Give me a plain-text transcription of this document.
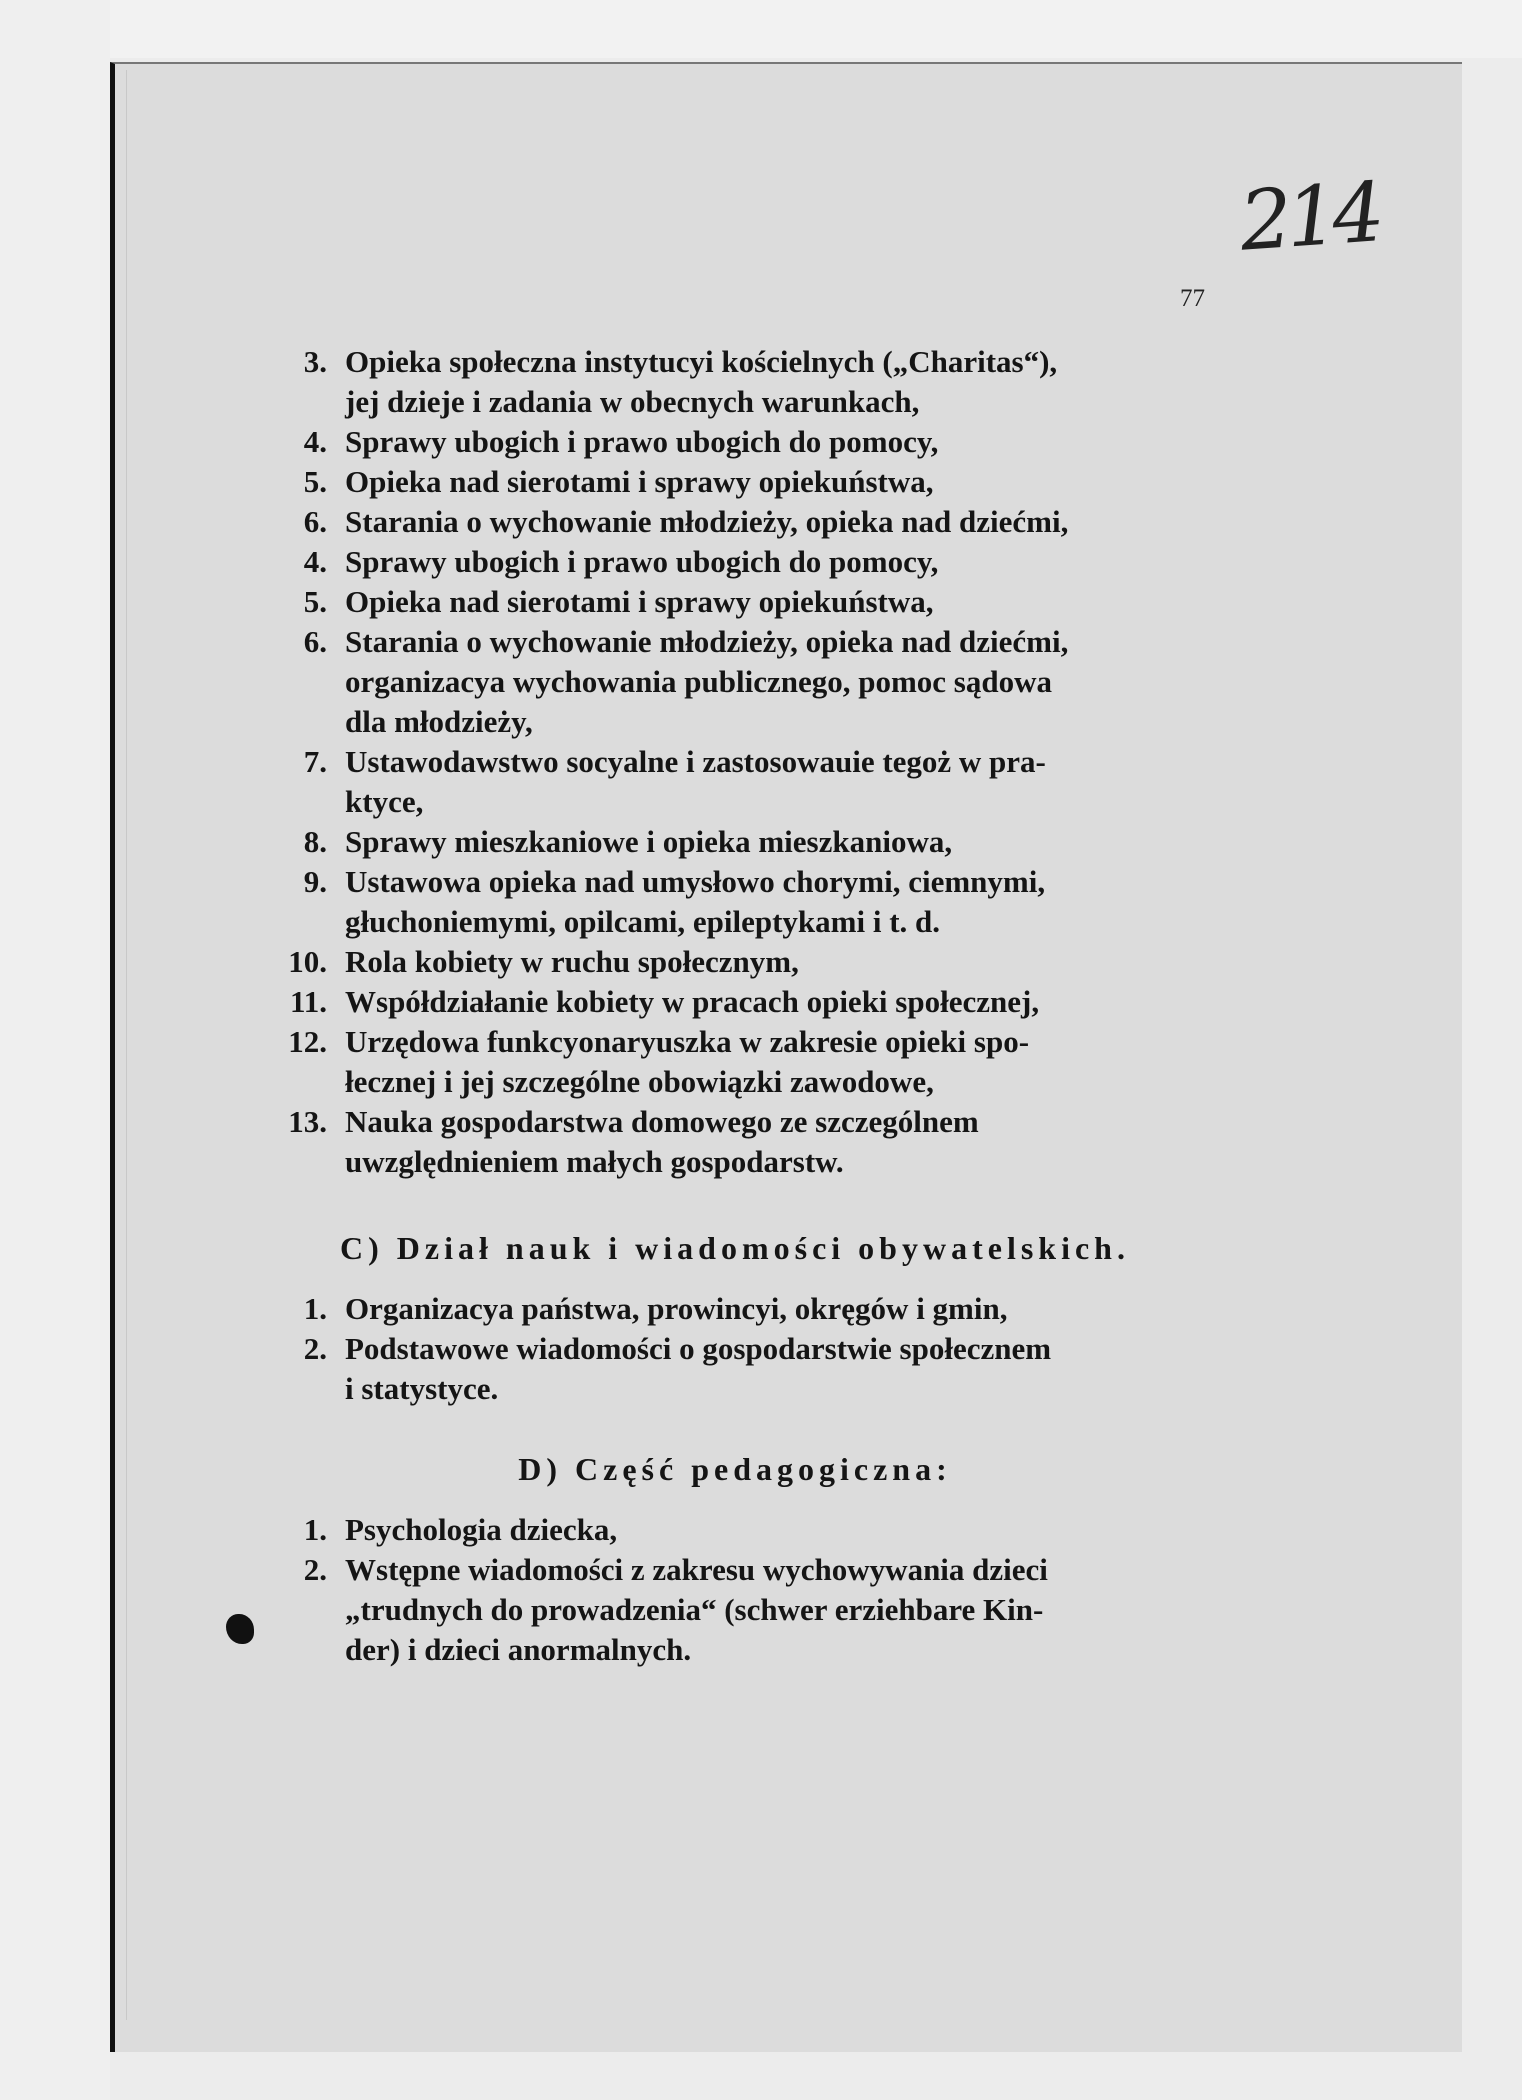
214
77
3. Opieka społeczna instytucyi kościelnych („Charitas“),
jej dzieje i zadania w obecnych warunkach,
4. Sprawy ubogich i prawo ubogich do pomocy,
5. Opieka nad sierotami i sprawy opiekuństwa,
6. Starania o wychowanie młodzieży, opieka nad dziećmi,
4. Sprawy ubogich i prawo ubogich do pomocy,
5. Opieka nad sierotami i sprawy opiekuństwa,
6. Starania o wychowanie młodzieży, opieka nad dziećmi,
organizacya wychowania publicznego, pomoc sądowa
dla młodzieży,
7. Ustawodawstwo socyalne i zastosowauie tegoż w pra-
ktyce,
8. Sprawy mieszkaniowe i opieka mieszkaniowa,
9. Ustawowa opieka nad umysłowo chorymi, ciemnymi,
głuchoniemymi, opilcami, epileptykami i t. d.
10. Rola kobiety w ruchu społecznym,
11. Współdziałanie kobiety w pracach opieki społecznej,
12. Urzędowa funkcyonaryuszka w zakresie opieki spo-
łecznej i jej szczególne obowiązki zawodowe,
13. Nauka gospodarstwa domowego ze szczególnem
uwzględnieniem małych gospodarstw.
C) Dział nauk i wiadomości obywatelskich.
1. Organizacya państwa, prowincyi, okręgów i gmin,
2. Podstawowe wiadomości o gospodarstwie społecznem
i statystyce.
D) Część pedagogiczna:
1. Psychologia dziecka,
2. Wstępne wiadomości z zakresu wychowywania dzieci
„trudnych do prowadzenia“ (schwer erziehbare Kin-
der) i dzieci anormalnych.
